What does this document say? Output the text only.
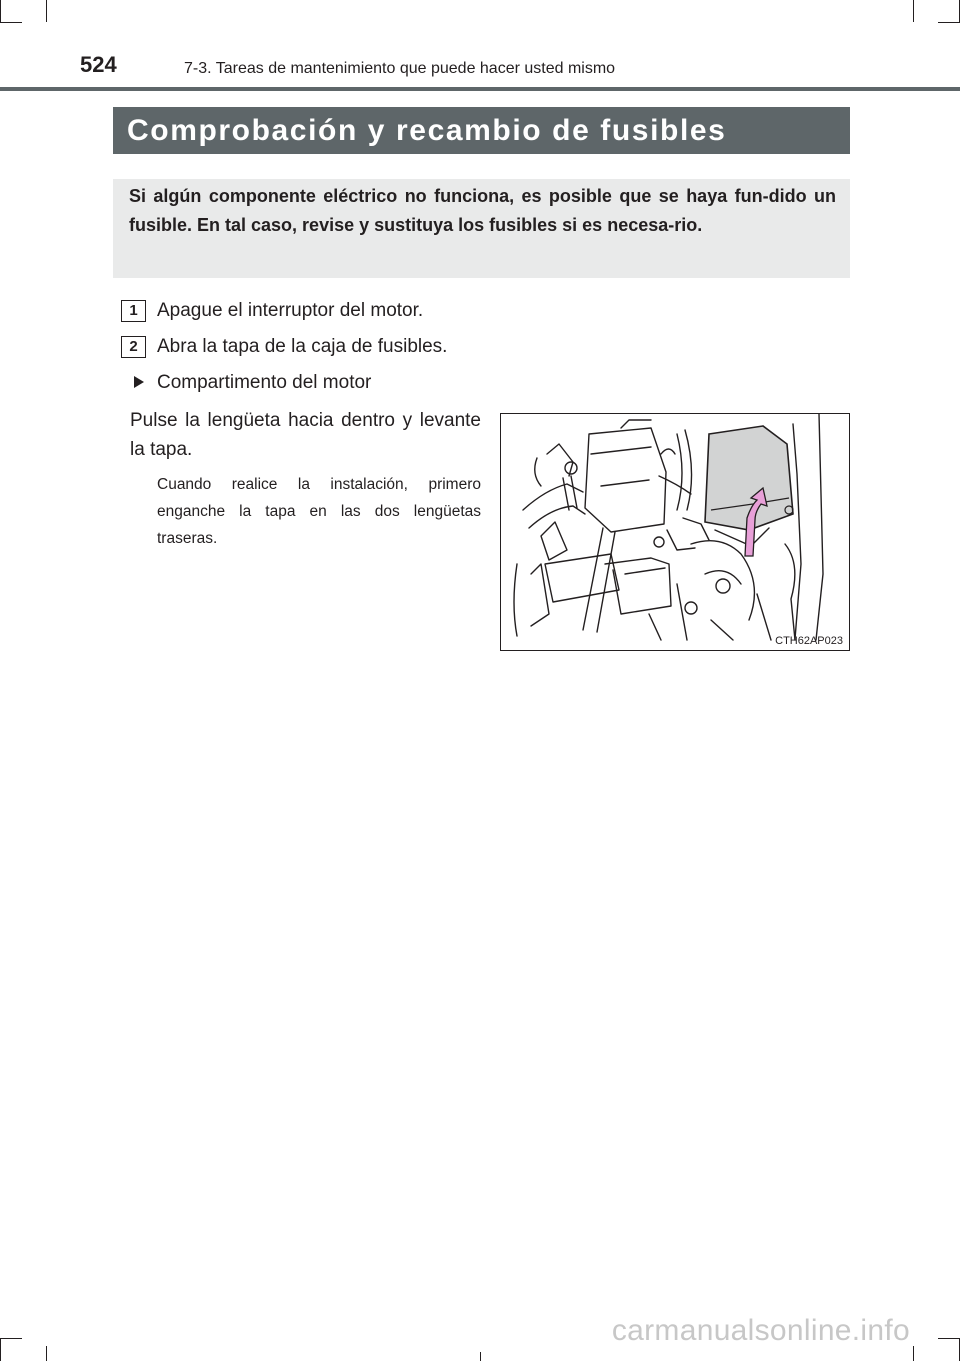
524	7-3. Tareas de mantenimiento que puede hacer usted mismo
Comprobación y recambio de fusibles
Si algún componente eléctrico no funciona, es posible que se haya fun-dido un fusible. En tal caso, revise y sustituya los fusibles si es necesa-rio.
1	Apague el interruptor del motor.
2	Abra la tapa de la caja de fusibles.
Compartimento del motor
Pulse la lengüeta hacia dentro y levante la tapa.
Cuando realice la instalación, primero enganche la tapa en las dos lengüetas traseras.
CTH62AP023
carmanualsonline.info
